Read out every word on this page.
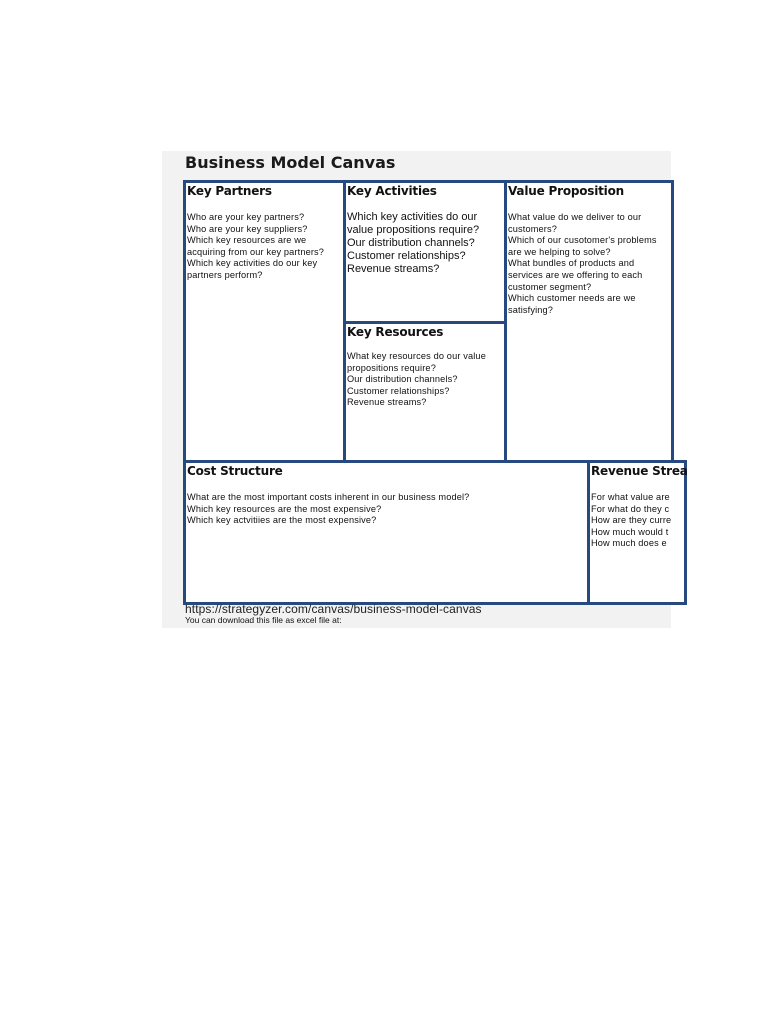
Business Model Canvas
Key Partners
Who are your key partners?
Who are your key suppliers?
Which key resources are we
acquiring from our key partners?
Which key activities do our key
partners perform?
Key Activities
Which key activities do our
value propositions require?
Our distribution channels?
Customer relationships?
Revenue streams?
Value Proposition
What value do we deliver to our
customers?
Which of our cusotomer's problems
are we helping to solve?
What bundles of products and
services are we offering to each
customer segment?
Which customer needs are we
satisfying?
Key Resources
What key resources do our value
propositions require?
Our distribution channels?
Customer relationships?
Revenue streams?
Cost Structure
What are the most important costs inherent in our business model?
Which key resources are the most expensive?
Which key actvitiies are the most expensive?
Revenue Strea
For what value are
For what do they c
How are they curre
How much would t
How much does e
https://strategyzer.com/canvas/business-model-canvas
You can download this file as excel file at:
